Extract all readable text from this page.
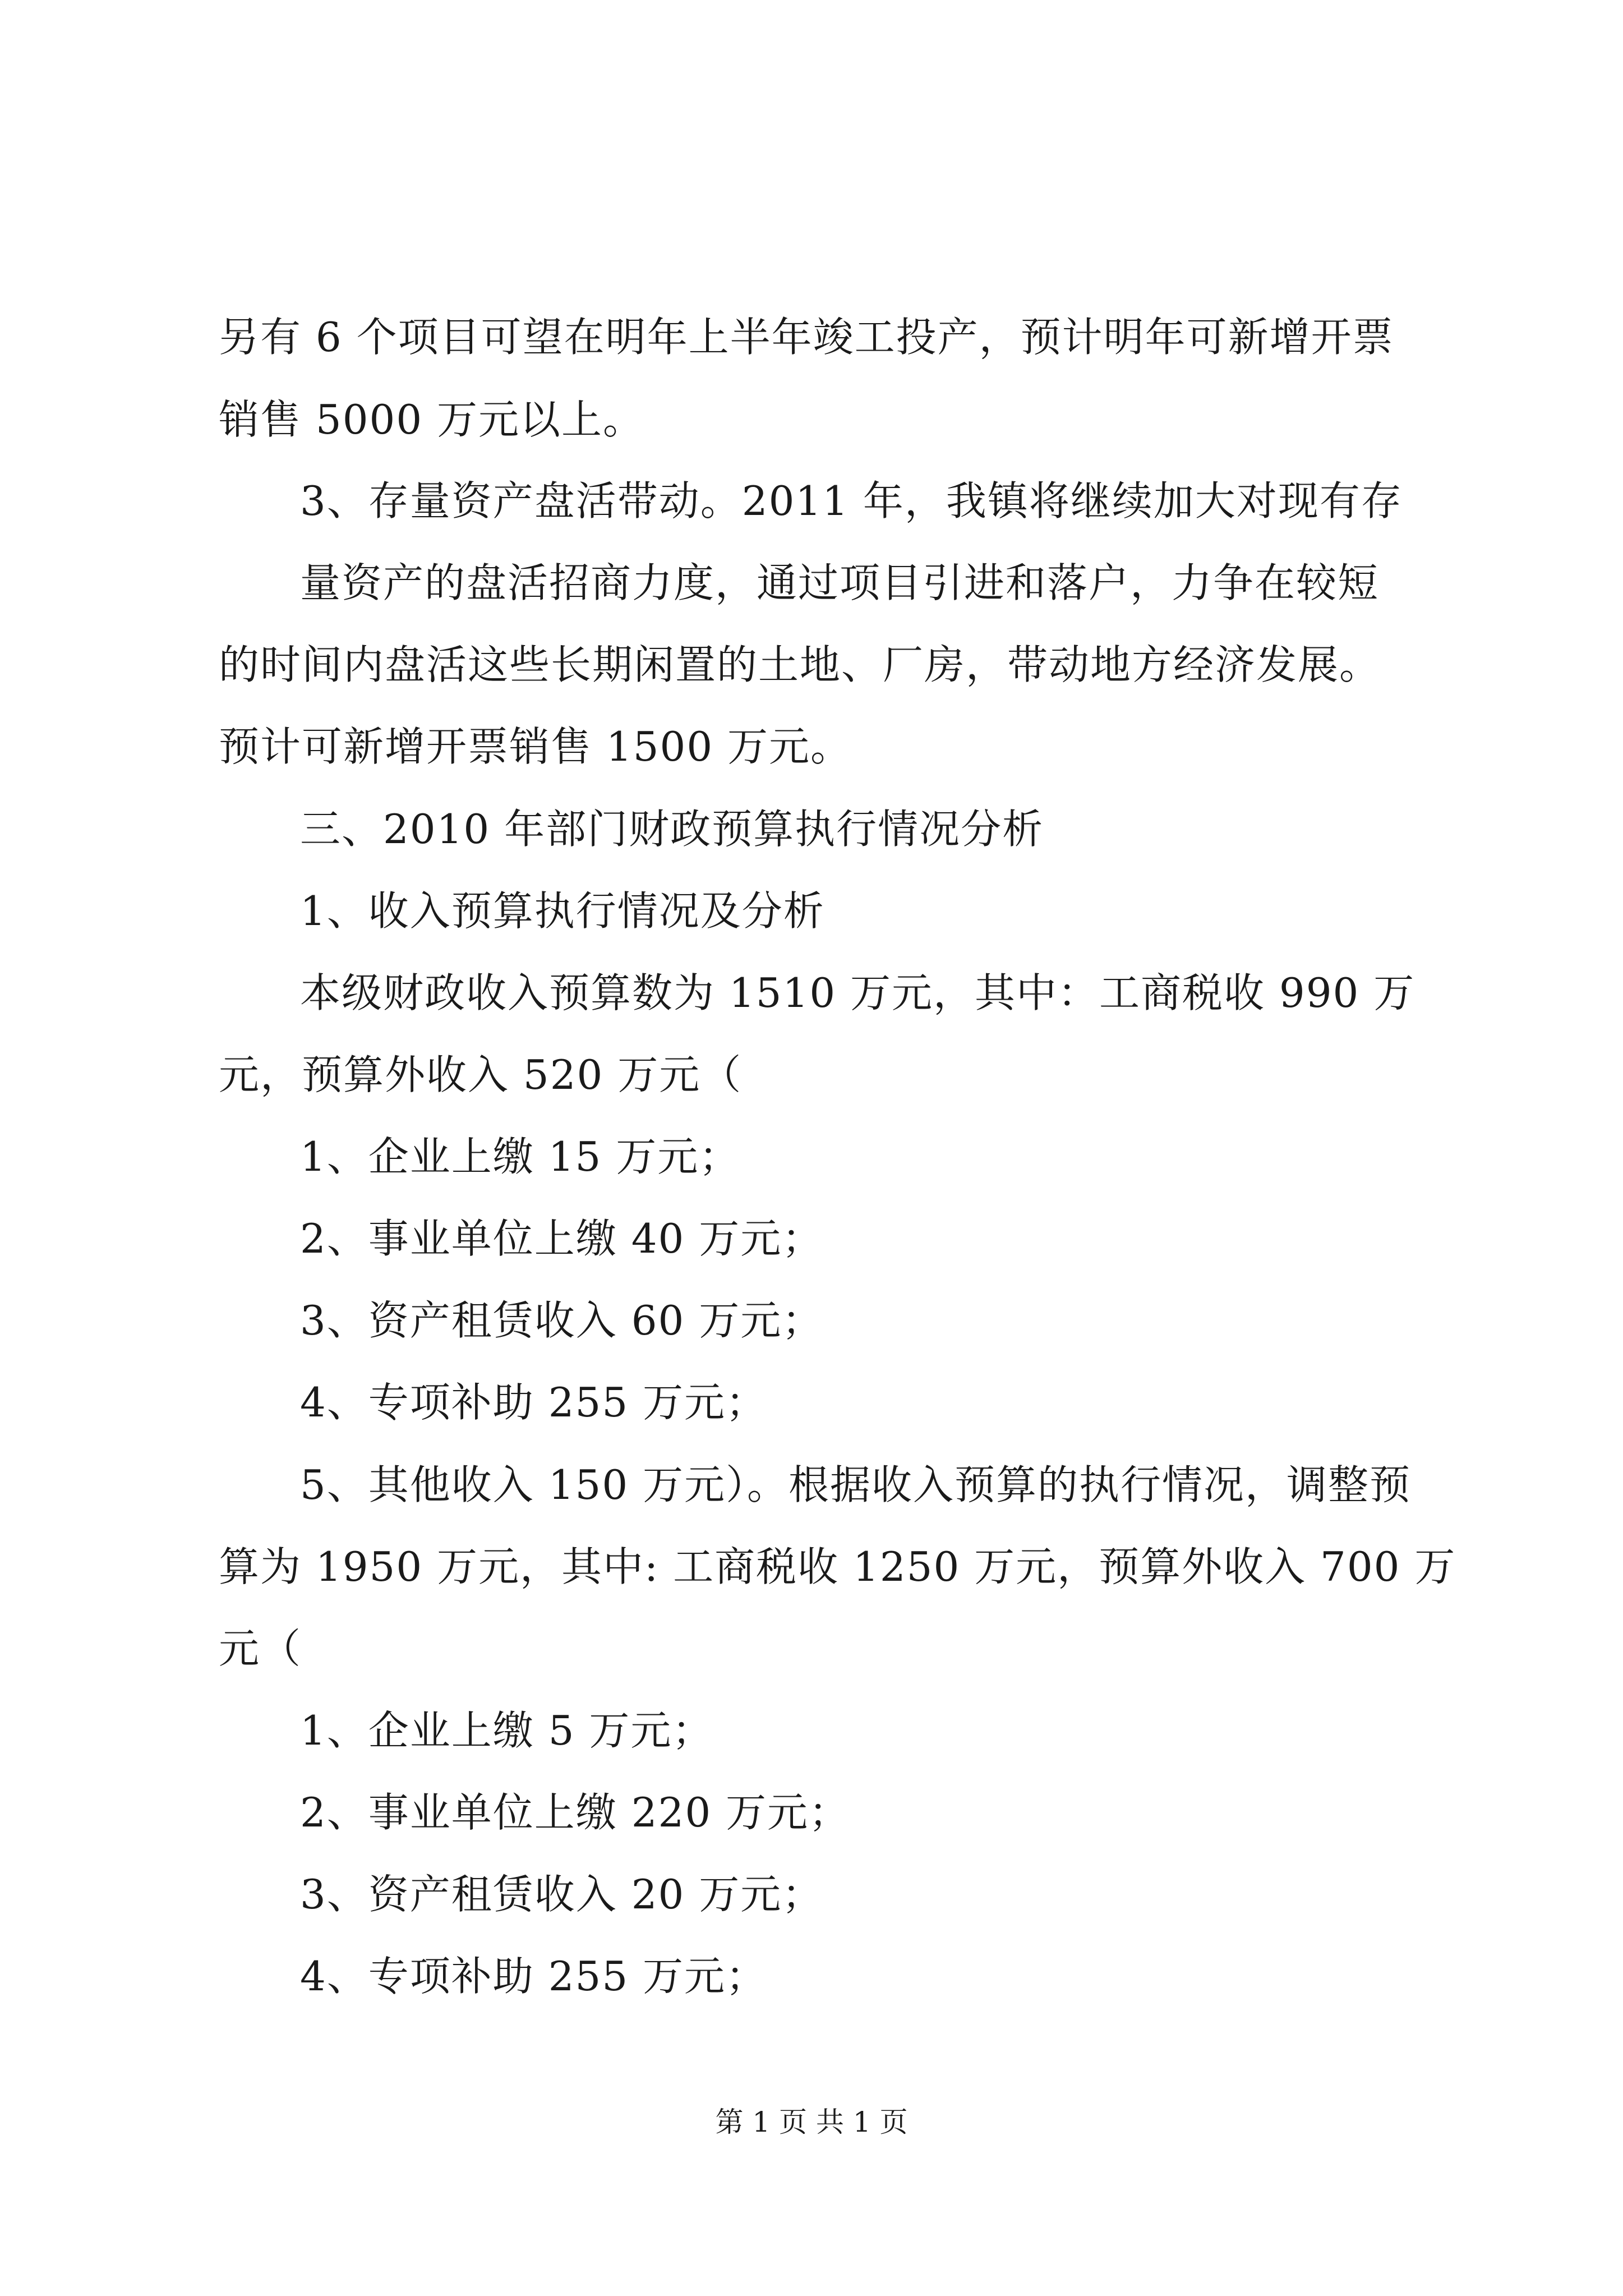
另有 6 个项目可望在明年上半年竣工投产，预计明年可新增开票
销售 5000 万元以上。
3、存量资产盘活带动。2011 年，我镇将继续加大对现有存
量资产的盘活招商力度，通过项目引进和落户，力争在较短
的时间内盘活这些长期闲置的土地、厂房，带动地方经济发展。
预计可新增开票销售 1500 万元。
三、2010 年部门财政预算执行情况分析
1、收入预算执行情况及分析
本级财政收入预算数为 1510 万元，其中：工商税收 990 万
元，预算外收入 520 万元（
1、企业上缴 15 万元；
2、事业单位上缴 40 万元；
3、资产租赁收入 60 万元；
4、专项补助 255 万元；
5、其他收入 150 万元）。根据收入预算的执行情况，调整预
算为 1950 万元，其中: 工商税收 1250 万元，预算外收入 700 万
元（
1、企业上缴 5 万元；
2、事业单位上缴 220 万元；
3、资产租赁收入 20 万元；
4、专项补助 255 万元；
第 1 页 共 1 页
